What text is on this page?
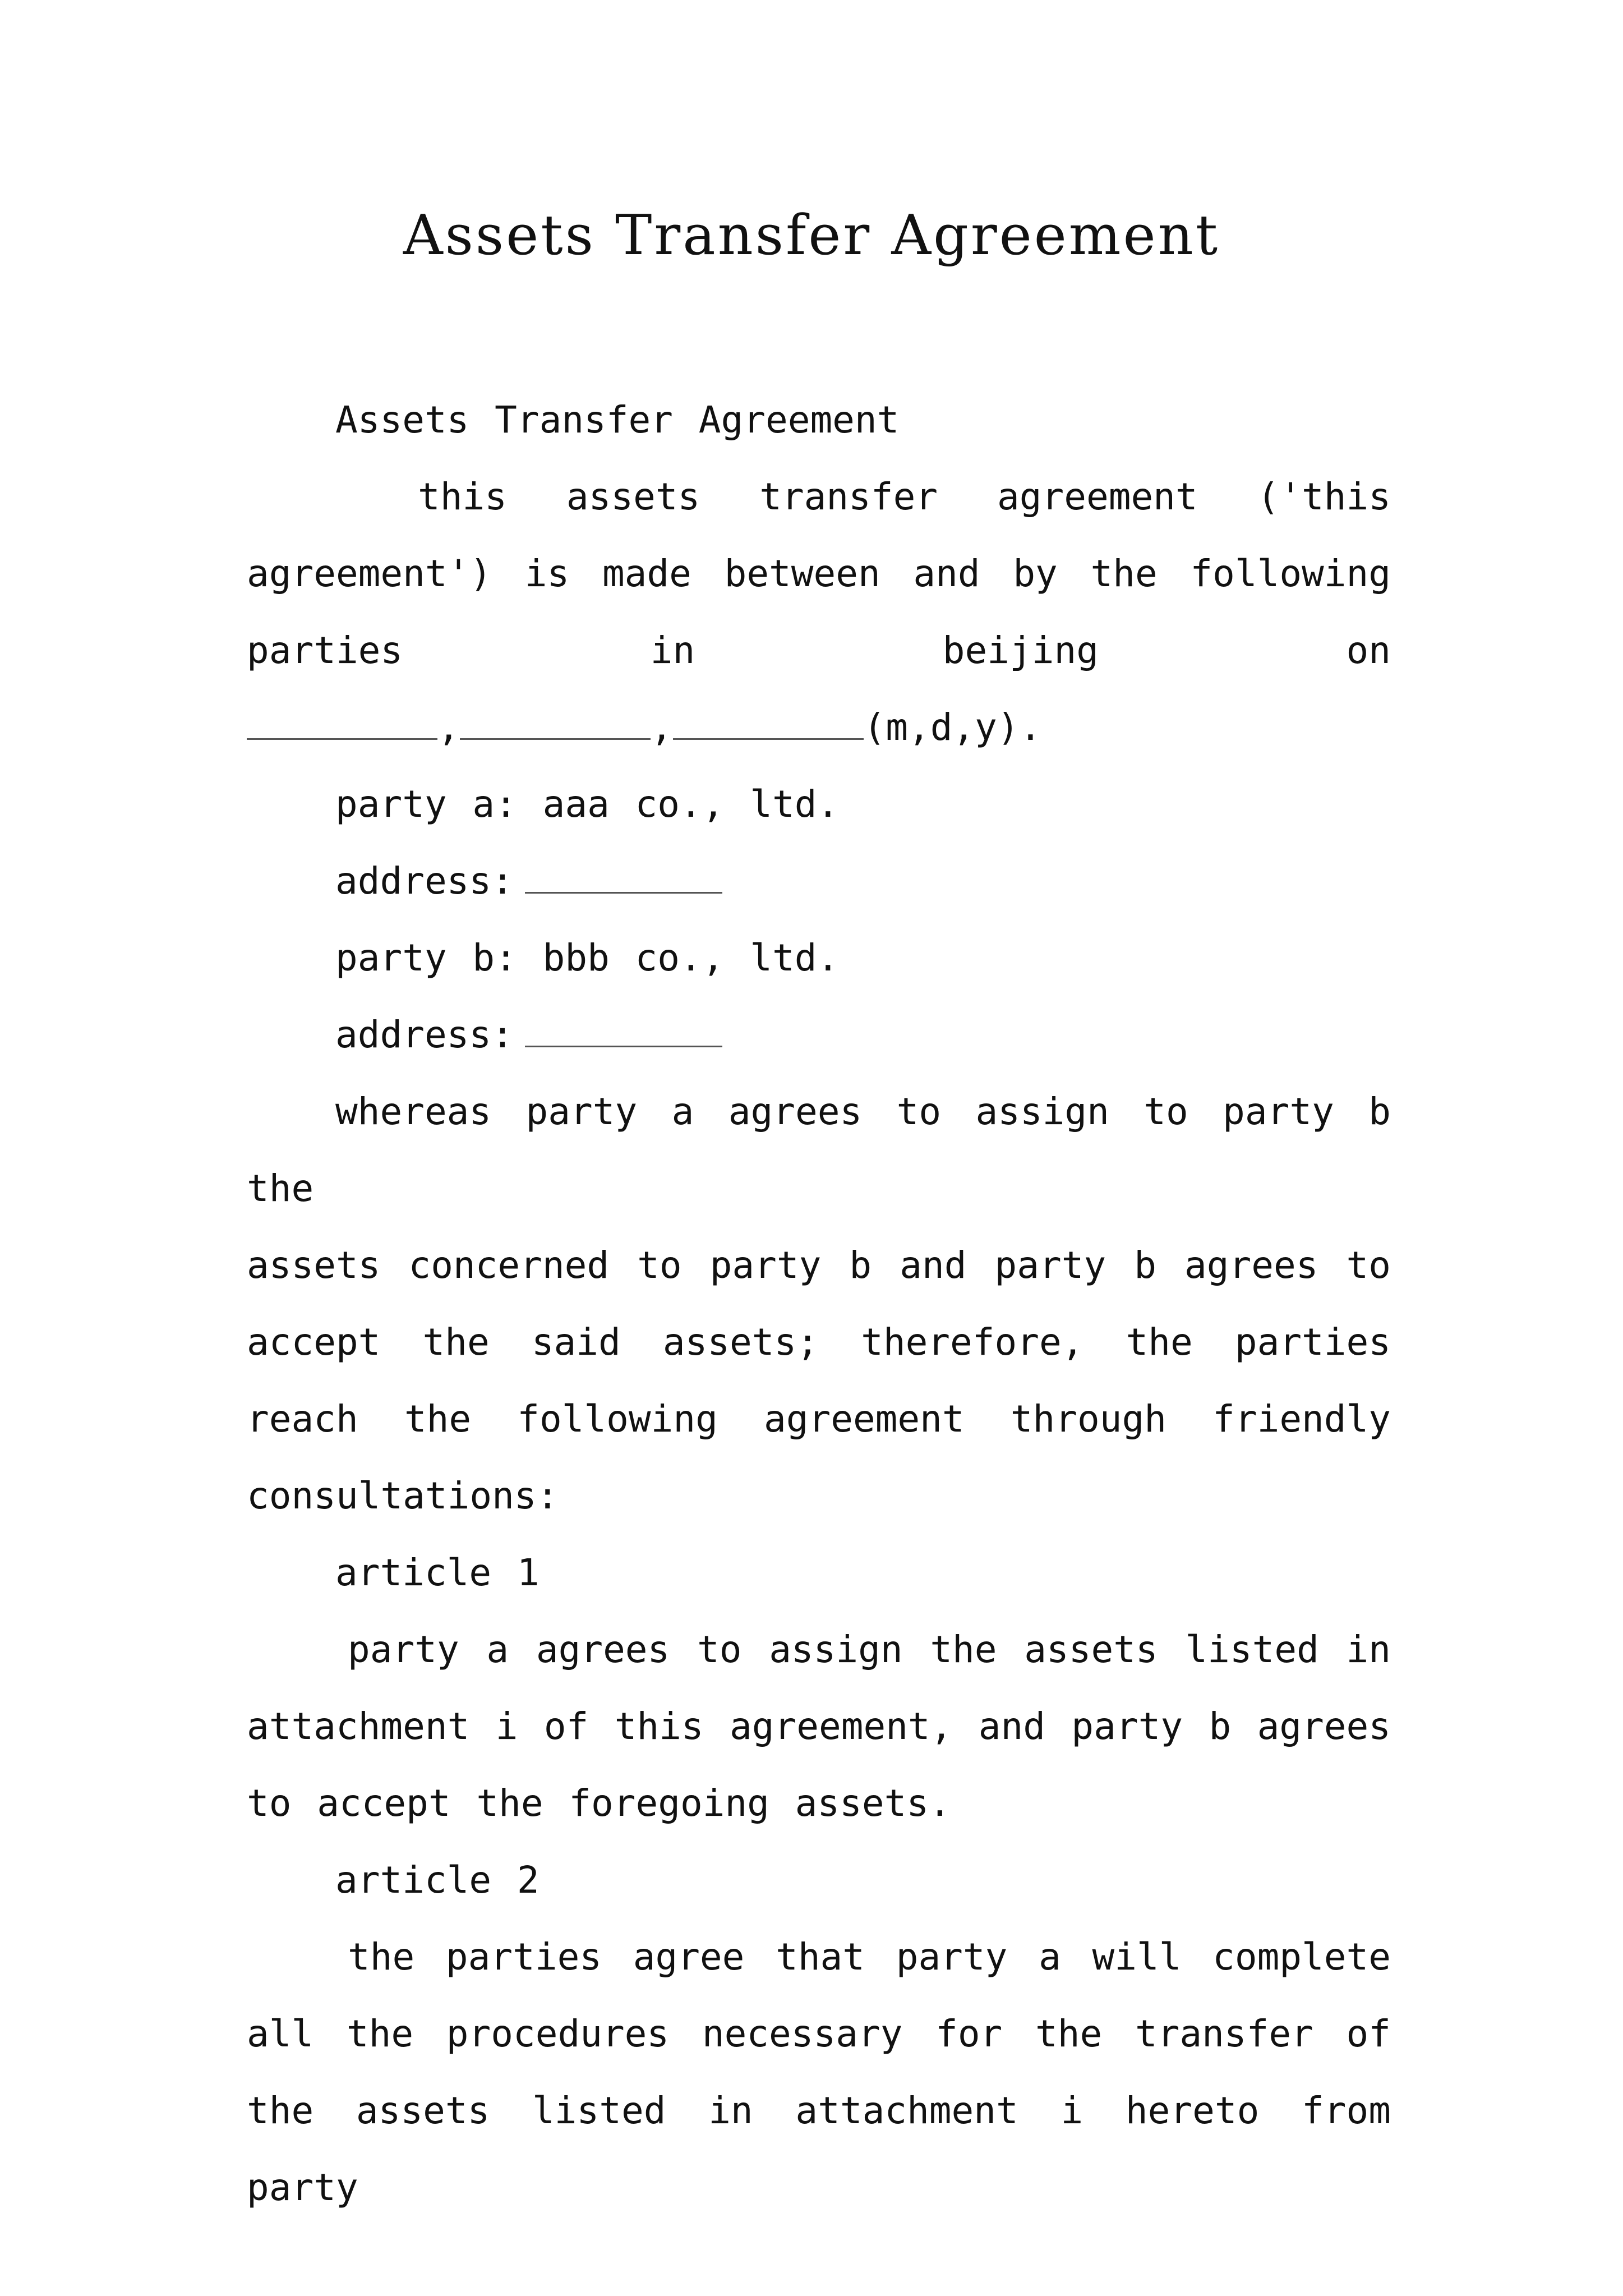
Assets Transfer Agreement

Assets Transfer Agreement

this assets transfer agreement ('this

agreement') is made between and by the following

parties in beijing on

,	,	(m,d,y).

party a: aaa co., ltd.

address:

party b: bbb co., ltd.

address:

whereas party a agrees to assign to party b the

assets concerned to party b and party b agrees to

accept the said assets; therefore, the parties

reach the following agreement through friendly

consultations:

article 1

party a agrees to assign the assets listed in

attachment i of this agreement, and party b agrees

to accept the foregoing assets.

article 2

the parties agree that party a will complete

all the procedures necessary for the transfer of

the assets listed in attachment i hereto from party
